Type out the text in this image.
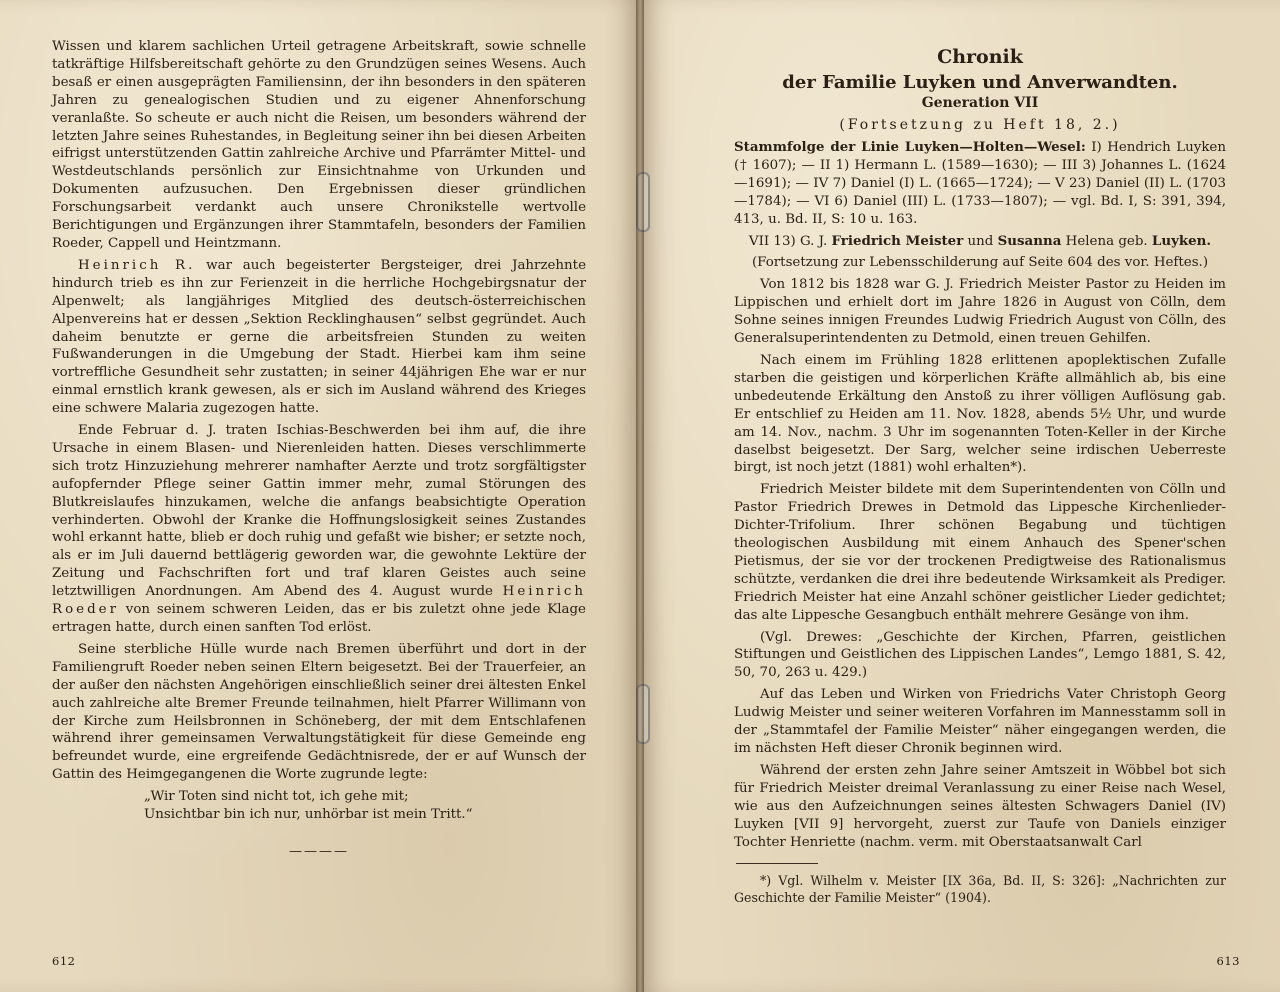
Wissen und klarem sachlichen Urteil getragene Arbeitskraft, sowie schnelle tatkräftige Hilfsbereitschaft gehörte zu den Grundzügen seines Wesens. Auch besaß er einen ausgeprägten Familiensinn, der ihn besonders in den späteren Jahren zu genealogischen Studien und zu eigener Ahnenforschung veranlaßte. So scheute er auch nicht die Reisen, um besonders während der letzten Jahre seines Ruhestandes, in Begleitung seiner ihn bei diesen Arbeiten eifrigst unterstützenden Gattin zahlreiche Archive und Pfarrämter Mittel- und Westdeutschlands persönlich zur Einsichtnahme von Urkunden und Dokumenten aufzusuchen. Den Ergebnissen dieser gründlichen Forschungsarbeit verdankt auch unsere Chronikstelle wertvolle Berichtigungen und Ergänzungen ihrer Stammtafeln, besonders der Familien Roeder, Cappell und Heintzmann.

Heinrich R. war auch begeisterter Bergsteiger, drei Jahrzehnte hindurch trieb es ihn zur Ferienzeit in die herrliche Hochgebirgsnatur der Alpenwelt; als langjähriges Mitglied des deutsch-österreichischen Alpenvereins hat er dessen „Sektion Recklinghausen“ selbst gegründet. Auch daheim benutzte er gerne die arbeitsfreien Stunden zu weiten Fußwanderungen in die Umgebung der Stadt. Hierbei kam ihm seine vortreffliche Gesundheit sehr zustatten; in seiner 44jährigen Ehe war er nur einmal ernstlich krank gewesen, als er sich im Ausland während des Krieges eine schwere Malaria zugezogen hatte.

Ende Februar d. J. traten Ischias-Beschwerden bei ihm auf, die ihre Ursache in einem Blasen- und Nierenleiden hatten. Dieses verschlimmerte sich trotz Hinzuziehung mehrerer namhafter Aerzte und trotz sorgfältigster aufopfernder Pflege seiner Gattin immer mehr, zumal Störungen des Blutkreislaufes hinzukamen, welche die anfangs beabsichtigte Operation verhinderten. Obwohl der Kranke die Hoffnungslosigkeit seines Zustandes wohl erkannt hatte, blieb er doch ruhig und gefaßt wie bisher; er setzte noch, als er im Juli dauernd bettlägerig geworden war, die gewohnte Lektüre der Zeitung und Fachschriften fort und traf klaren Geistes auch seine letztwilligen Anordnungen. Am Abend des 4. August wurde Heinrich Roeder von seinem schweren Leiden, das er bis zuletzt ohne jede Klage ertragen hatte, durch einen sanften Tod erlöst.

Seine sterbliche Hülle wurde nach Bremen überführt und dort in der Familiengruft Roeder neben seinen Eltern beigesetzt. Bei der Trauerfeier, an der außer den nächsten Angehörigen einschließlich seiner drei ältesten Enkel auch zahlreiche alte Bremer Freunde teilnahmen, hielt Pfarrer Willimann von der Kirche zum Heilsbronnen in Schöneberg, der mit dem Entschlafenen während ihrer gemeinsamen Verwaltungstätigkeit für diese Gemeinde eng befreundet wurde, eine ergreifende Gedächtnisrede, der er auf Wunsch der Gattin des Heimgegangenen die Worte zugrunde legte:

„Wir Toten sind nicht tot, ich gehe mit;
Unsichtbar bin ich nur, unhörbar ist mein Tritt.“
————
612
Chronik
der Familie Luyken und Anverwandten.
Generation VII
(Fortsetzung zu Heft 18, 2.)

Stammfolge der Linie Luyken—Holten—Wesel: I) Hendrich Luyken († 1607); — II 1) Hermann L. (1589—1630); — III 3) Johannes L. (1624—1691); — IV 7) Daniel (I) L. (1665—1724); — V 23) Daniel (II) L. (1703—1784); — VI 6) Daniel (III) L. (1733—1807); — vgl. Bd. I, S: 391, 394, 413, u. Bd. II, S: 10 u. 163.

VII 13) G. J. Friedrich Meister und Susanna Helena geb. Luyken.

(Fortsetzung zur Lebensschilderung auf Seite 604 des vor. Heftes.)

Von 1812 bis 1828 war G. J. Friedrich Meister Pastor zu Heiden im Lippischen und erhielt dort im Jahre 1826 in August von Cölln, dem Sohne seines innigen Freundes Ludwig Friedrich August von Cölln, des Generalsuperintendenten zu Detmold, einen treuen Gehilfen.

Nach einem im Frühling 1828 erlittenen apoplektischen Zufalle starben die geistigen und körperlichen Kräfte allmählich ab, bis eine unbedeutende Erkältung den Anstoß zu ihrer völligen Auflösung gab. Er entschlief zu Heiden am 11. Nov. 1828, abends 5½ Uhr, und wurde am 14. Nov., nachm. 3 Uhr im sogenannten Toten-Keller in der Kirche daselbst beigesetzt. Der Sarg, welcher seine irdischen Ueberreste birgt, ist noch jetzt (1881) wohl erhalten*).

Friedrich Meister bildete mit dem Superintendenten von Cölln und Pastor Friedrich Drewes in Detmold das Lippesche Kirchenlieder-Dichter-Trifolium. Ihrer schönen Begabung und tüchtigen theologischen Ausbildung mit einem Anhauch des Spener'schen Pietismus, der sie vor der trockenen Predigtweise des Rationalismus schützte, verdanken die drei ihre bedeutende Wirksamkeit als Prediger. Friedrich Meister hat eine Anzahl schöner geistlicher Lieder gedichtet; das alte Lippesche Gesangbuch enthält mehrere Gesänge von ihm.

(Vgl. Drewes: „Geschichte der Kirchen, Pfarren, geistlichen Stiftungen und Geistlichen des Lippischen Landes“, Lemgo 1881, S. 42, 50, 70, 263 u. 429.)

Auf das Leben und Wirken von Friedrichs Vater Christoph Georg Ludwig Meister und seiner weiteren Vorfahren im Mannesstamm soll in der „Stammtafel der Familie Meister“ näher eingegangen werden, die im nächsten Heft dieser Chronik beginnen wird.

Während der ersten zehn Jahre seiner Amtszeit in Wöbbel bot sich für Friedrich Meister dreimal Veranlassung zu einer Reise nach Wesel, wie aus den Aufzeichnungen seines ältesten Schwagers Daniel (IV) Luyken [VII 9] hervorgeht, zuerst zur Taufe von Daniels einziger Tochter Henriette (nachm. verm. mit Oberstaatsanwalt Carl

*) Vgl. Wilhelm v. Meister [IX 36a, Bd. II, S: 326]: „Nachrichten zur Geschichte der Familie Meister“ (1904).

613
